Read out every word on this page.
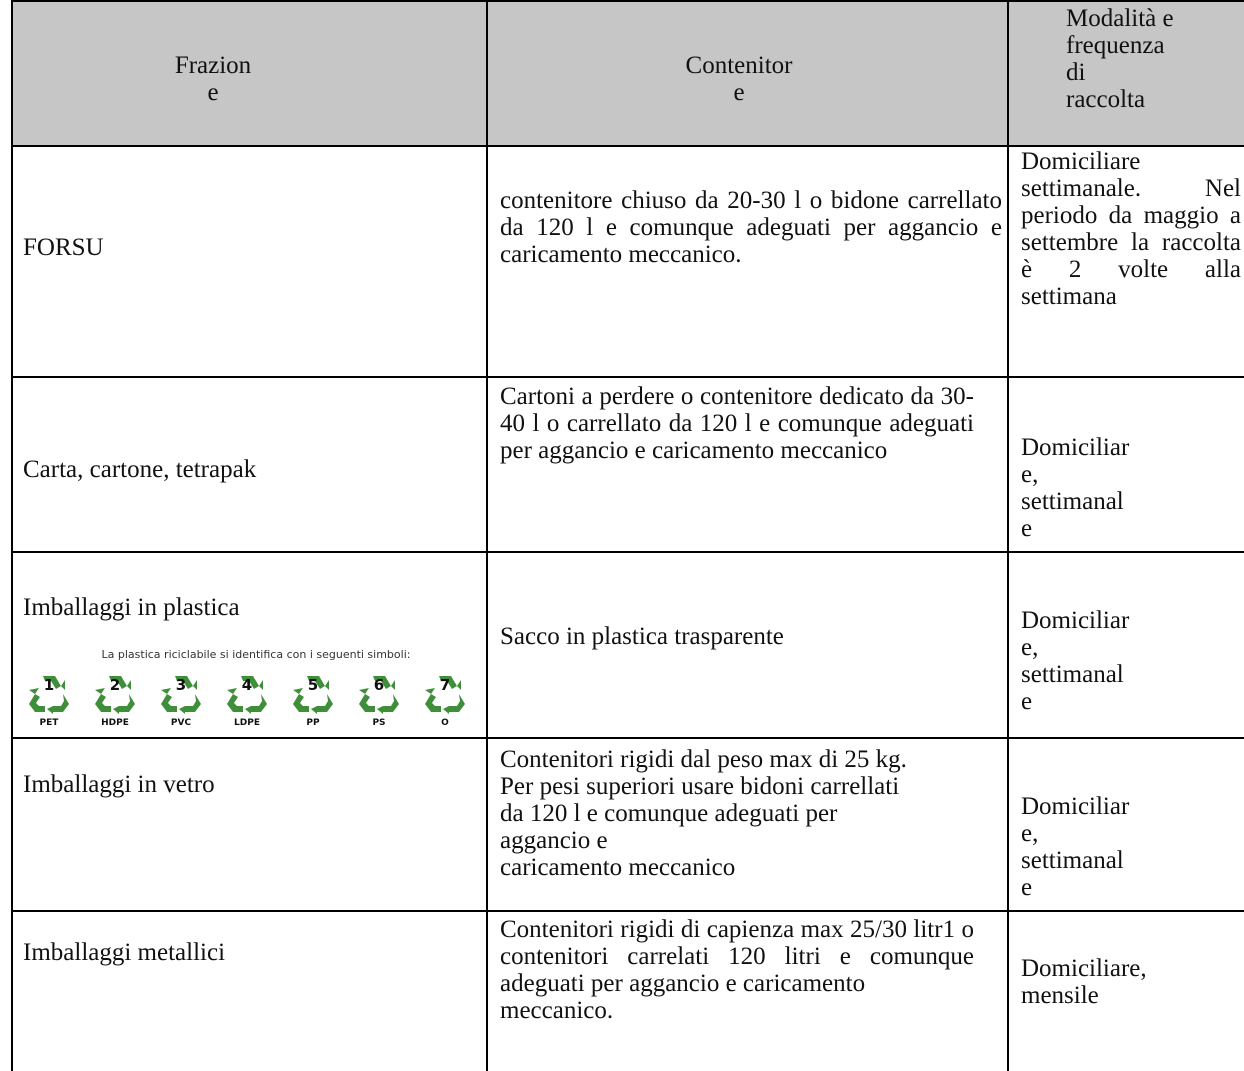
Frazion
e
Contenitor
e
Modalità e
frequenza
di
raccolta
FORSU
contenitore chiuso da 20-30 l o bidone carrellato da 120 l e comunque adeguati per aggancio e caricamento meccanico.
Domiciliare settimanale. Nel periodo da maggio a settembre la raccolta è 2 volte alla settimana
Carta, cartone, tetrapak
Cartoni a perdere o contenitore dedicato da 30-40 l o carrellato da 120 l e comunque adeguati per aggancio e caricamento meccanico	Domiciliar
e,
settimanal
e
Imballaggi in plastica
La plastica riciclabile si identifica con i seguenti simboli:
1
PET
2
HDPE
3
PVC
4
LDPE
5
PP
6
PS
7
O
Sacco in plastica trasparente
Domiciliar
e,
settimanal
e
Imballaggi in vetro
Contenitori rigidi dal peso max di 25 kg.
Per pesi superiori usare bidoni carrellati
da 120 l e comunque adeguati per
aggancio e
caricamento meccanico
Domiciliar
e,
settimanal
e
Imballaggi metallici
Contenitori rigidi di capienza max 25/30 litr1 o contenitori carrelati 120 litri e comunque adeguati per aggancio e caricamento
meccanico.
Domiciliare,
mensile
